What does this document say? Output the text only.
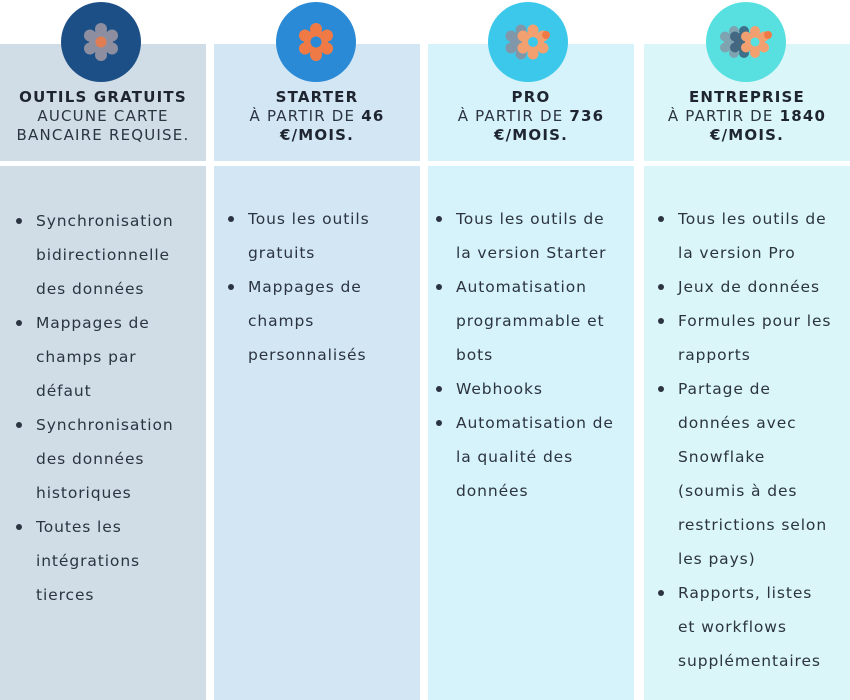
OUTILS GRATUITS
AUCUNE CARTE
BANCAIRE REQUISE.
Synchronisation
bidirectionnelle
des données
Mappages de
champs par
défaut
Synchronisation
des données
historiques
Toutes les
intégrations
tierces
STARTER
À PARTIR DE 46
€/MOIS.
Tous les outils
gratuits
Mappages de
champs
personnalisés
PRO
À PARTIR DE 736
€/MOIS.
Tous les outils de
la version Starter
Automatisation
programmable et
bots
Webhooks
Automatisation de
la qualité des
données
ENTREPRISE
À PARTIR DE 1840
€/MOIS.
Tous les outils de
la version Pro
Jeux de données
Formules pour les
rapports
Partage de
données avec
Snowflake
(soumis à des
restrictions selon
les pays)
Rapports, listes
et workflows
supplémentaires
